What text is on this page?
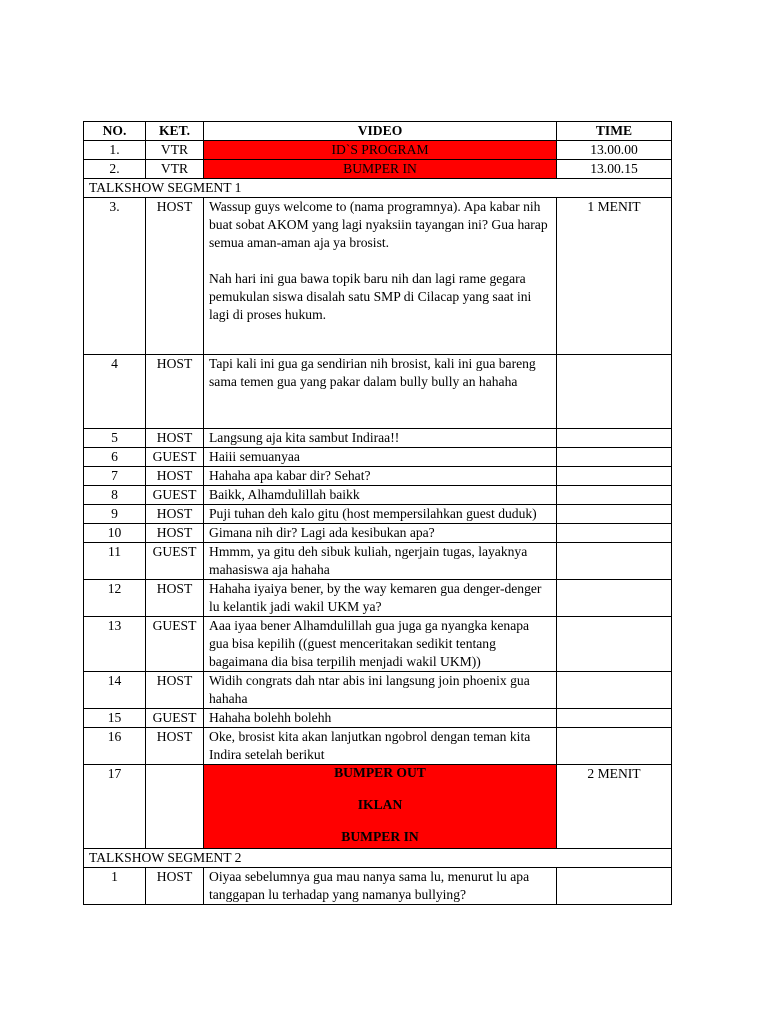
NO.	KET.	VIDEO	TIME
1.	VTR	ID`S PROGRAM	13.00.00
2.	VTR	BUMPER IN	13.00.15
TALKSHOW SEGMENT 1			
3.	HOST	Wassup guys welcome to (nama programnya). Apa kabar nih buat sobat AKOM yang lagi nyaksiin tayangan ini? Gua harap semua aman-aman aja ya brosist.
Nah hari ini gua bawa topik baru nih dan lagi rame gegara pemukulan siswa disalah satu SMP di Cilacap yang saat ini lagi di proses hukum.	1 MENIT
4	HOST	Tapi kali ini gua ga sendirian nih brosist, kali ini gua bareng sama temen gua yang pakar dalam bully bully an hahaha	
5	HOST	Langsung aja kita sambut Indiraa!!	
6	GUEST	Haiii semuanyaa	
7	HOST	Hahaha apa kabar dir? Sehat?	
8	GUEST	Baikk, Alhamdulillah baikk	
9	HOST	Puji tuhan deh kalo gitu (host mempersilahkan guest duduk)	
10	HOST	Gimana nih dir? Lagi ada kesibukan apa?	
11	GUEST	Hmmm, ya gitu deh sibuk kuliah, ngerjain tugas, layaknya mahasiswa aja hahaha	
12	HOST	Hahaha iyaiya bener, by the way kemaren gua denger-denger lu kelantik jadi wakil UKM ya?	
13	GUEST	Aaa iyaa bener Alhamdulillah gua juga ga nyangka kenapa gua bisa kepilih ((guest menceritakan sedikit tentang bagaimana dia bisa terpilih menjadi wakil UKM))	
14	HOST	Widih congrats dah ntar abis ini langsung join phoenix gua hahaha	
15	GUEST	Hahaha bolehh bolehh	
16	HOST	Oke, brosist kita akan lanjutkan ngobrol dengan teman kita Indira setelah berikut	
17		BUMPER OUT
IKLAN
BUMPER IN	2 MENIT
TALKSHOW SEGMENT 2			
1	HOST	Oiyaa sebelumnya gua mau nanya sama lu, menurut lu apa tanggapan lu terhadap yang namanya bullying?	
